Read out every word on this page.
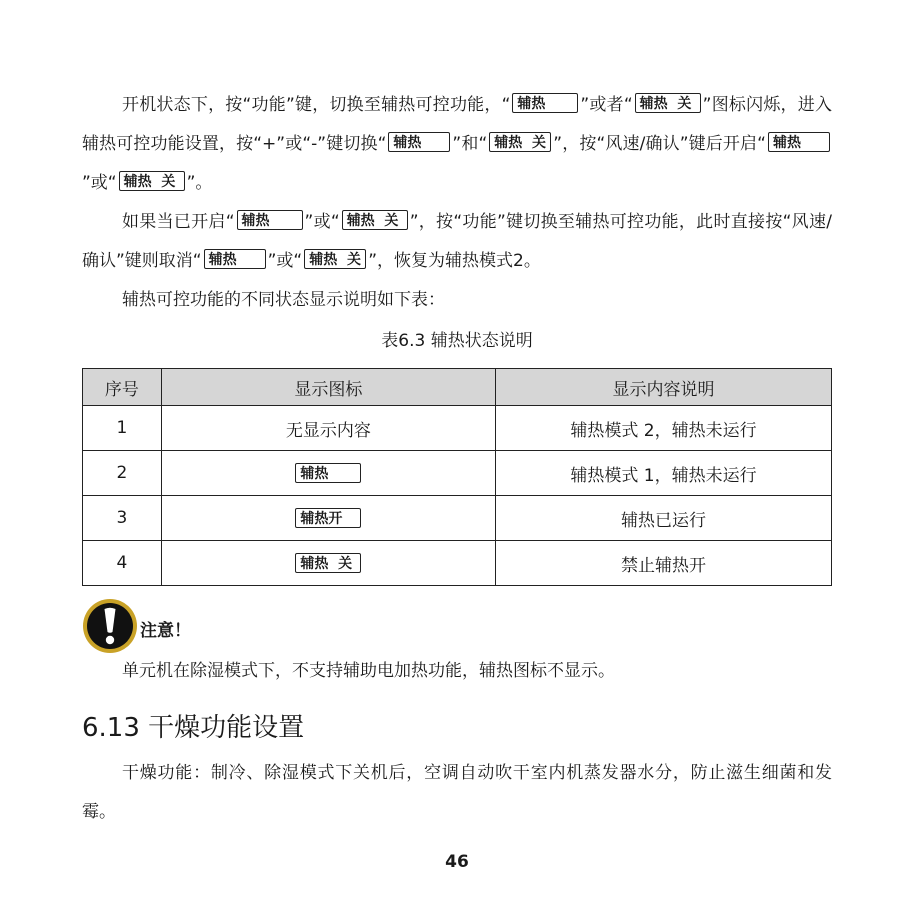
开机状态下，按“功能”键，切换至辅热可控功能，“ 辅热 ”或者“ 辅热  关 ”图标闪烁，进入辅热可控功能设置，按“+”或“-”键切换“ 辅热 ”和“ 辅热  关 ”，按“风速/确认”键后开启“ 辅热”或“ 辅热  关 ”。

如果当已开启“ 辅热 ”或“ 辅热  关 ”，按“功能”键切换至辅热可控功能，此时直接按“风速/确认”键则取消“ 辅热 ”或“ 辅热  关 ”，恢复为辅热模式2。

辅热可控功能的不同状态显示说明如下表：

表6.3 辅热状态说明
序号	显示图标	显示内容说明
1	无显示内容	辅热模式 2，辅热未运行
2	辅热	辅热模式 1，辅热未运行
3	辅热开	辅热已运行
4	辅热  关	禁止辅热开
注意！
单元机在除湿模式下，不支持辅助电加热功能，辅热图标不显示。
6.13 干燥功能设置

干燥功能：制冷、除湿模式下关机后，空调自动吹干室内机蒸发器水分，防止滋生细菌和发霉。

46
